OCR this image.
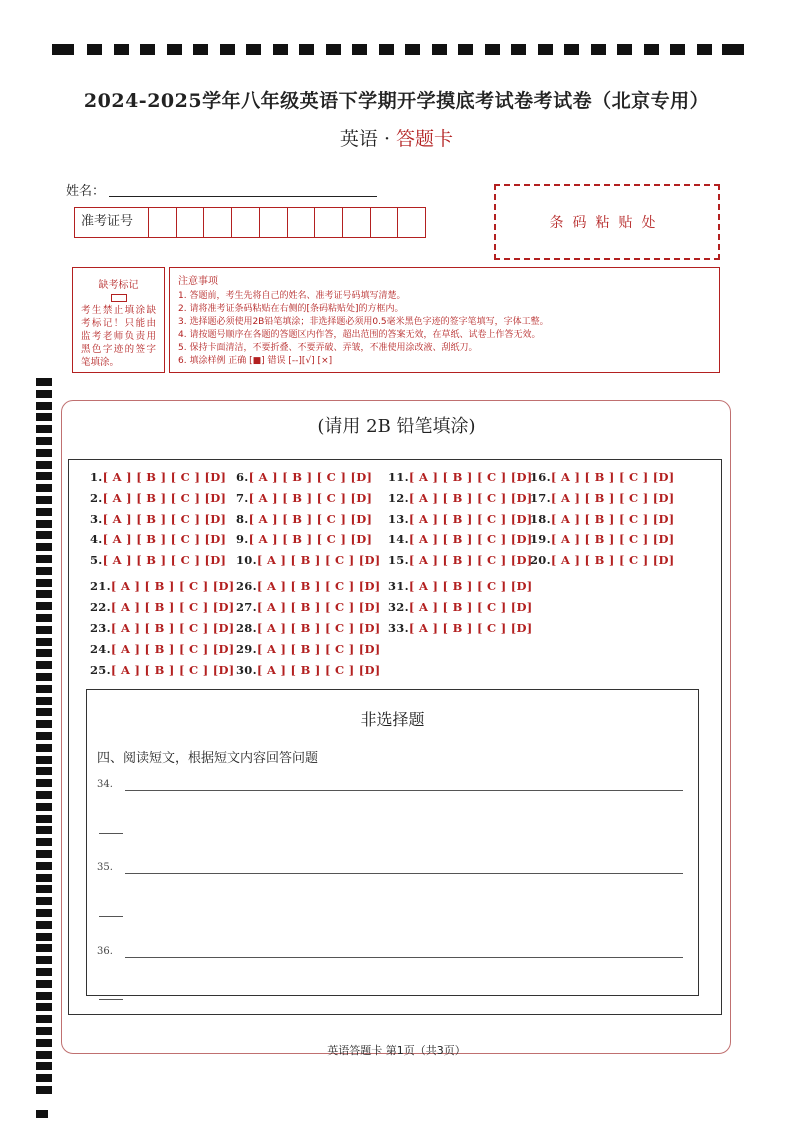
2024-2025学年八年级英语下学期开学摸底考试卷考试卷（北京专用）
英语 · 答题卡
姓名：
准考证号	条码粘贴处
缺考标记
考生禁止填涂缺考标记！只能由监考老师负责用黑色字迹的签字笔填涂。
注意事项
1. 答题前，考生先将自己的姓名、准考证号码填写清楚。
2. 请将准考证条码粘贴在右侧的[条码粘贴处]的方框内。
3. 选择题必须使用2B铅笔填涂；非选择题必须用0.5毫米黑色字迹的签字笔填写，字体工整。
4. 请按题号顺序在各题的答题区内作答，超出范围的答案无效，在草纸、试卷上作答无效。
5. 保持卡面清洁，不要折叠、不要弄破、弄皱，不准使用涂改液、刮纸刀。
6. 填涂样例 正确 [■] 错误 [--][√] [×]
(请用 2B 铅笔填涂)
1.[ A ] [ B ] [ C ] [D]
2.[ A ] [ B ] [ C ] [D]
3.[ A ] [ B ] [ C ] [D]
4.[ A ] [ B ] [ C ] [D]
5.[ A ] [ B ] [ C ] [D]
6.[ A ] [ B ] [ C ] [D]
7.[ A ] [ B ] [ C ] [D]
8.[ A ] [ B ] [ C ] [D]
9.[ A ] [ B ] [ C ] [D]
10.[ A ] [ B ] [ C ] [D]
11.[ A ] [ B ] [ C ] [D]
12.[ A ] [ B ] [ C ] [D]
13.[ A ] [ B ] [ C ] [D]
14.[ A ] [ B ] [ C ] [D]
15.[ A ] [ B ] [ C ] [D]
16.[ A ] [ B ] [ C ] [D]
17.[ A ] [ B ] [ C ] [D]
18.[ A ] [ B ] [ C ] [D]
19.[ A ] [ B ] [ C ] [D]
20.[ A ] [ B ] [ C ] [D]
21.[ A ] [ B ] [ C ] [D]
22.[ A ] [ B ] [ C ] [D]
23.[ A ] [ B ] [ C ] [D]
24.[ A ] [ B ] [ C ] [D]
25.[ A ] [ B ] [ C ] [D]
26.[ A ] [ B ] [ C ] [D]
27.[ A ] [ B ] [ C ] [D]
28.[ A ] [ B ] [ C ] [D]
29.[ A ] [ B ] [ C ] [D]
30.[ A ] [ B ] [ C ] [D]
31.[ A ] [ B ] [ C ] [D]
32.[ A ] [ B ] [ C ] [D]
33.[ A ] [ B ] [ C ] [D]
非选择题
四、阅读短文，根据短文内容回答问题
34.
35.
36.
英语答题卡 第1页（共3页）
